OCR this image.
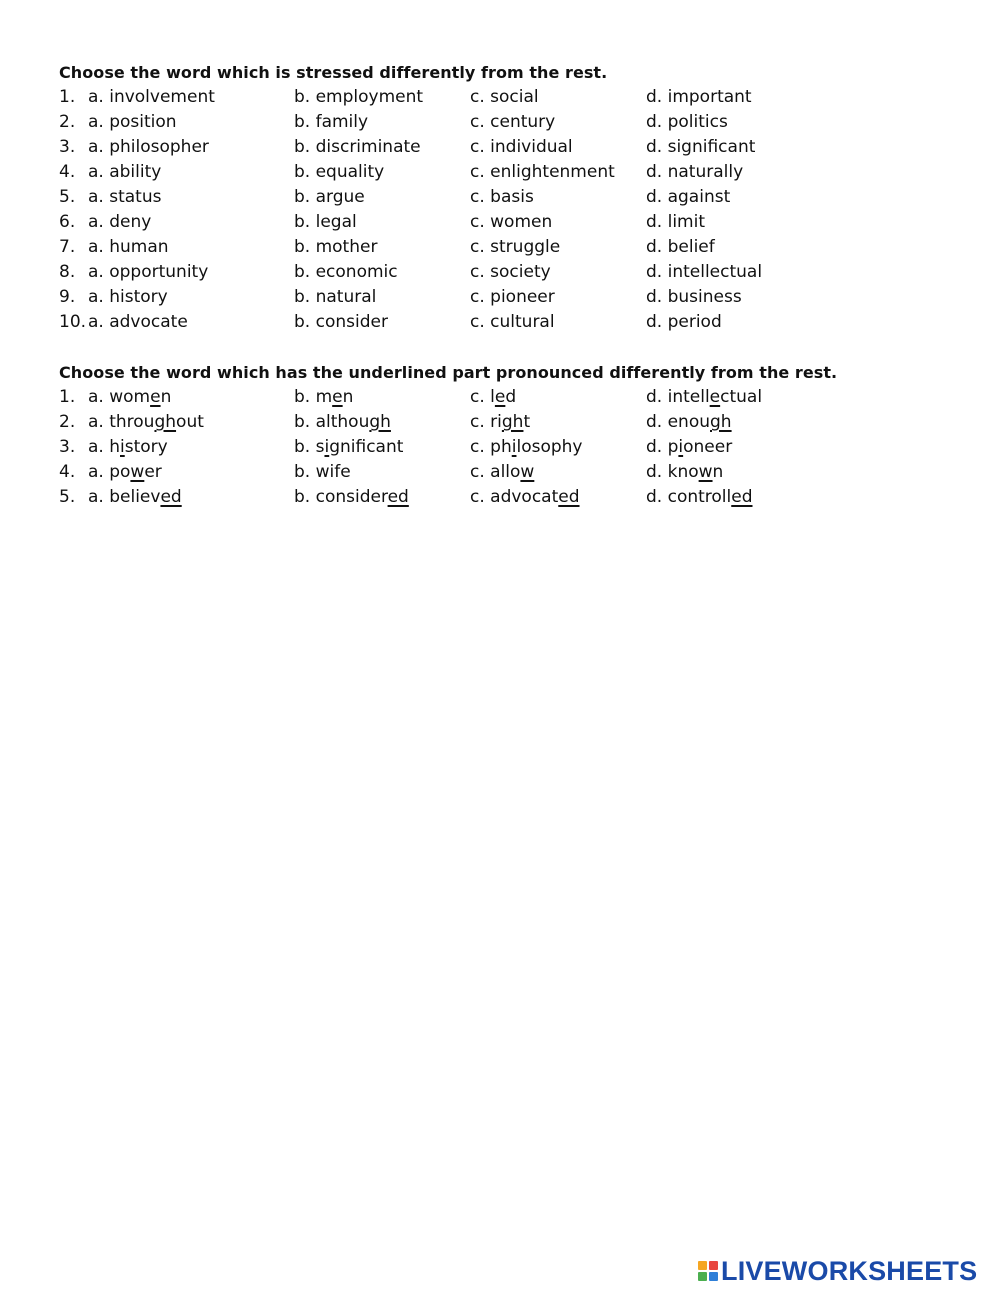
Choose the word which is stressed differently from the rest.
1. a. involvement	b. employment	c. social	d. important
2. a. position	b. family	c. century	d. politics
3. a. philosopher	b. discriminate	c. individual	d. significant
4. a. ability	b. equality	c. enlightenment d. naturally
5. a. status	b. argue	c. basis	d. against
6. a. deny	b. legal	c. women	d. limit
7. a. human	b. mother	c. struggle	d. belief
8. a. opportunity	b. economic	c. society	d. intellectual
9. a. history	b. natural	c. pioneer	d. business
10. a. advocate	b. consider	c. cultural	d. period
Choose the word which has the underlined part pronounced differently from the rest.
1. a. women	b. men	c. led	d. intellectual
2. a. throughout	b. although	c. right	d. enough
3. a. history	b. significant	c. philosophy	d. pioneer
4. a. power	b. wife	c. allow	d. known
5. a. believed	b. considered	c. advocated	d. controlled
LIVEWORKSHEETS
